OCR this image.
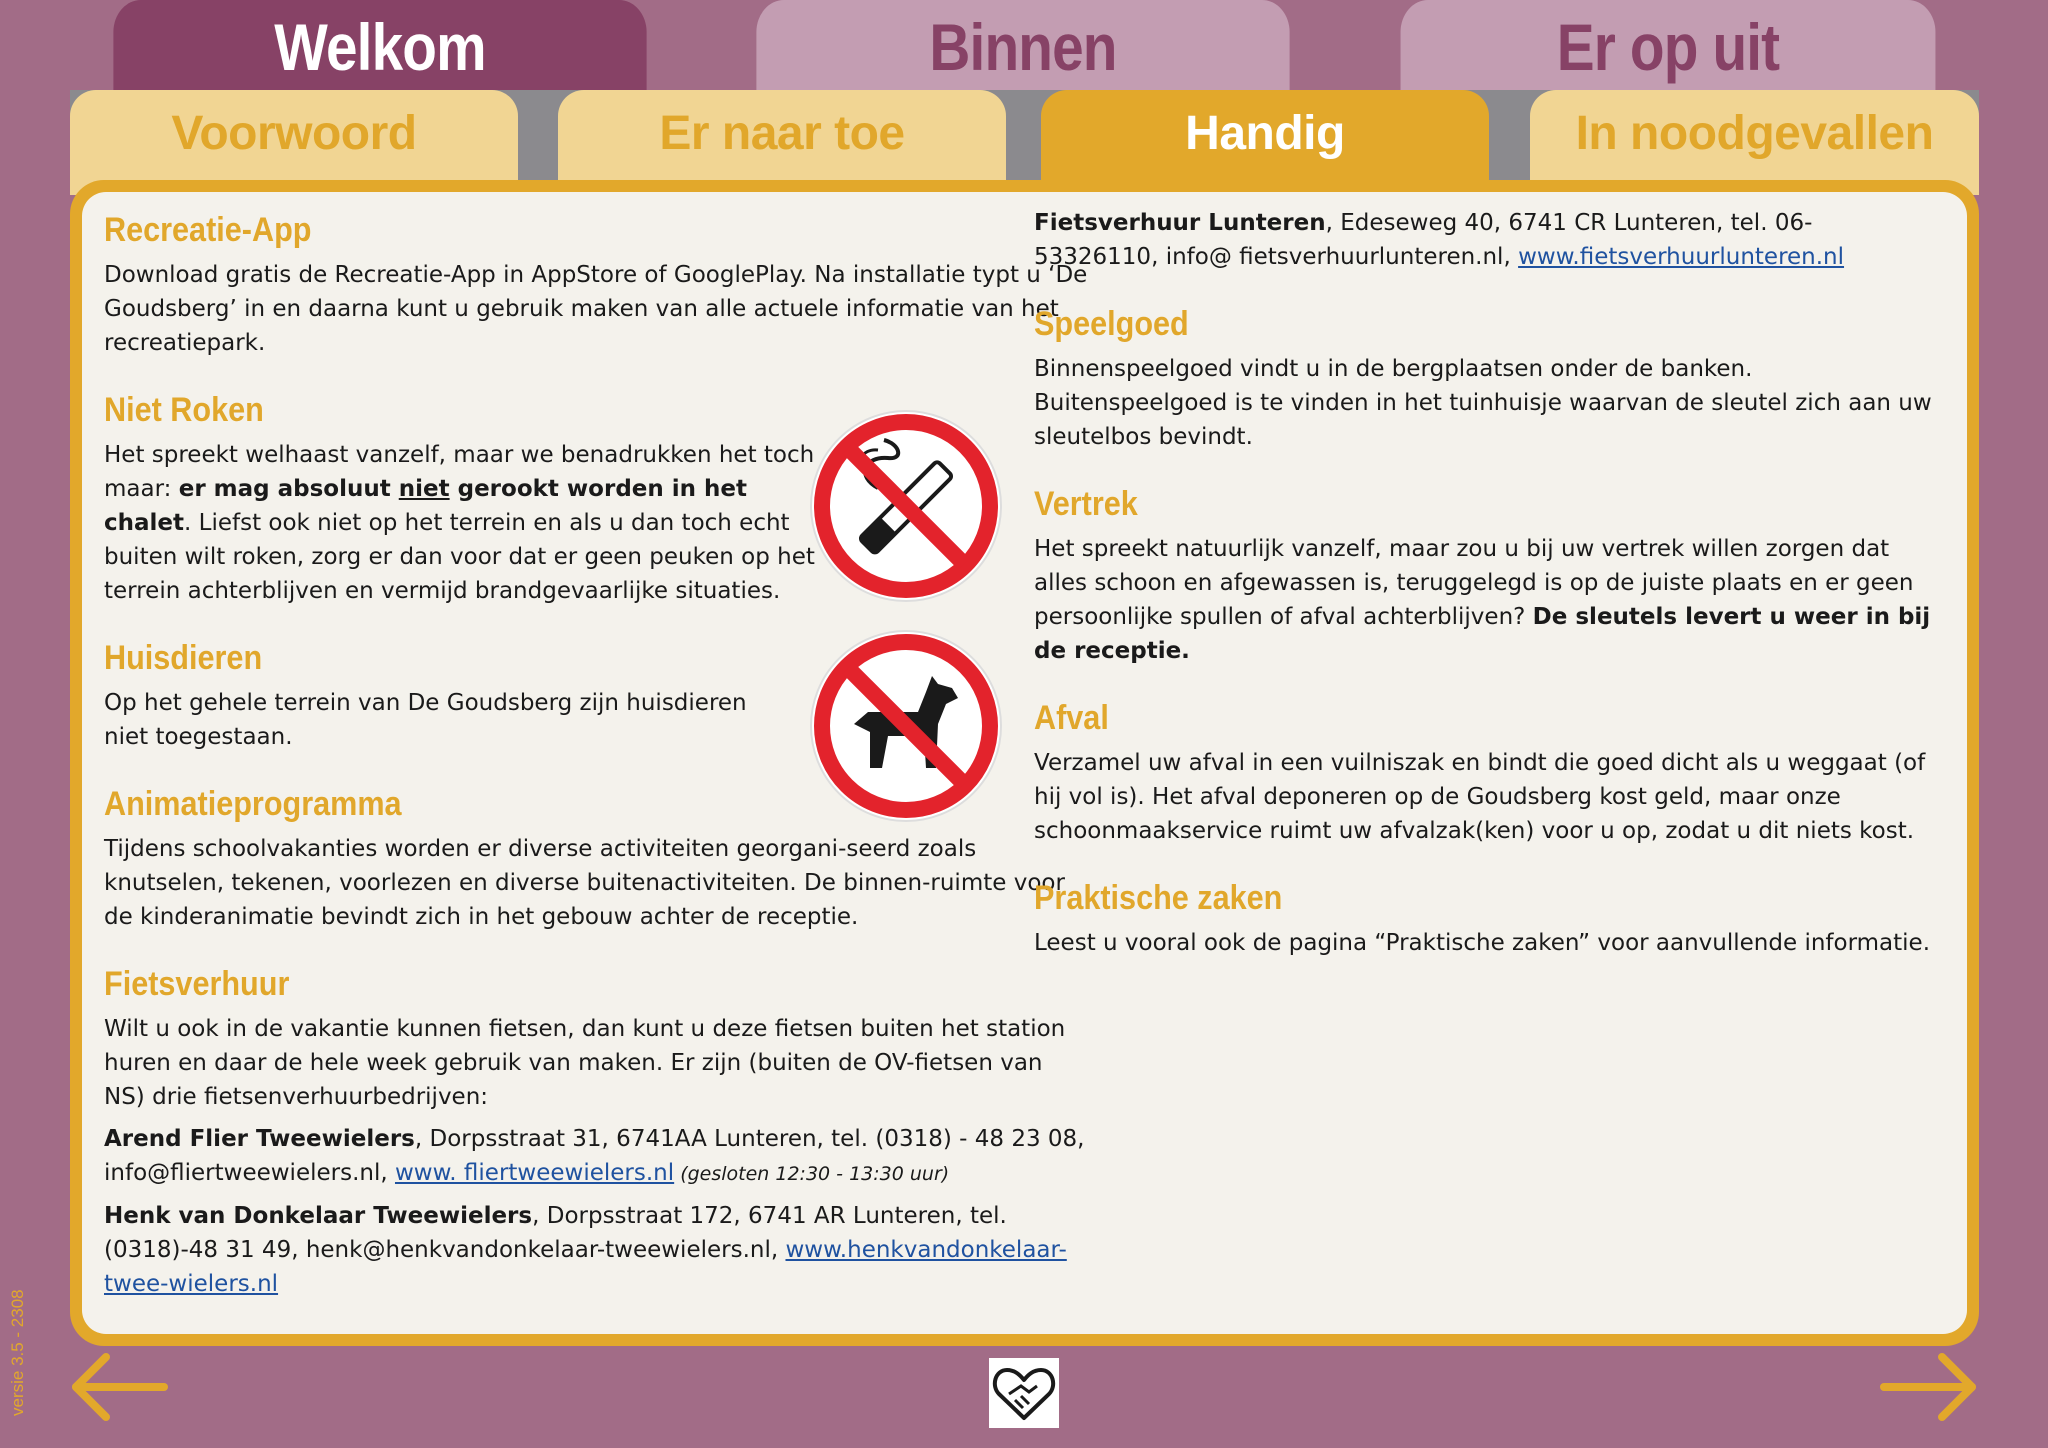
Welkom	Binnen	Er op uit
Voorwoord	Er naar toe	Handig	In noodgevallen
Recreatie-App

Download gratis de Recreatie-App in AppStore of GooglePlay. Na installatie typt u ‘De Goudsberg’ in en daarna kunt u gebruik maken van alle actuele informatie van het recreatiepark.

Niet Roken

Het spreekt welhaast vanzelf, maar we benadrukken het toch maar: er mag absoluut niet gerookt worden in het chalet. Liefst ook niet op het terrein en als u dan toch echt buiten wilt roken, zorg er dan voor dat er geen peuken op het terrein achterblijven en vermijd brandgevaarlijke situaties.

Huisdieren

Op het gehele terrein van De Goudsberg zijn huisdieren niet toegestaan.

Animatieprogramma

Tijdens schoolvakanties worden er diverse activiteiten georgani-seerd zoals knutselen, tekenen, voorlezen en diverse buitenactiviteiten. De binnen-ruimte voor de kinderanimatie bevindt zich in het gebouw achter de receptie.

Fietsverhuur

Wilt u ook in de vakantie kunnen fietsen, dan kunt u deze fietsen buiten het station huren en daar de hele week gebruik van maken. Er zijn (buiten de OV-fietsen van NS) drie fietsenverhuurbedrijven:

Arend Flier Tweewielers, Dorpsstraat 31, 6741AA Lunteren, tel. (0318) - 48 23 08, info@fliertweewielers.nl, www. fliertweewielers.nl (gesloten 12:30 - 13:30 uur)

Henk van Donkelaar Tweewielers, Dorpsstraat 172, 6741 AR Lunteren, tel. (0318)-48 31 49, henk@henkvandonkelaar-tweewielers.nl, www.henkvandonkelaar-twee-wielers.nl

Fietsverhuur Lunteren, Edeseweg 40, 6741 CR Lunteren, tel. 06-53326110, info@ fietsverhuurlunteren.nl, www.fietsverhuurlunteren.nl

Speelgoed

Binnenspeelgoed vindt u in de bergplaatsen onder de banken. Buitenspeelgoed is te vinden in het tuinhuisje waarvan de sleutel zich aan uw sleutelbos bevindt.

Vertrek

Het spreekt natuurlijk vanzelf, maar zou u bij uw vertrek willen zorgen dat alles schoon en afgewassen is, teruggelegd is op de juiste plaats en er geen persoonlijke spullen of afval achterblijven? De sleutels levert u weer in bij de receptie.

Afval

Verzamel uw afval in een vuilniszak en bindt die goed dicht als u weggaat (of hij vol is). Het afval deponeren op de Goudsberg kost geld, maar onze schoonmaakservice ruimt uw afvalzak(ken) voor u op, zodat u dit niets kost.

Praktische zaken

Leest u vooral ook de pagina “Praktische zaken” voor aanvullende informatie.

versie 3.5 - 2308
